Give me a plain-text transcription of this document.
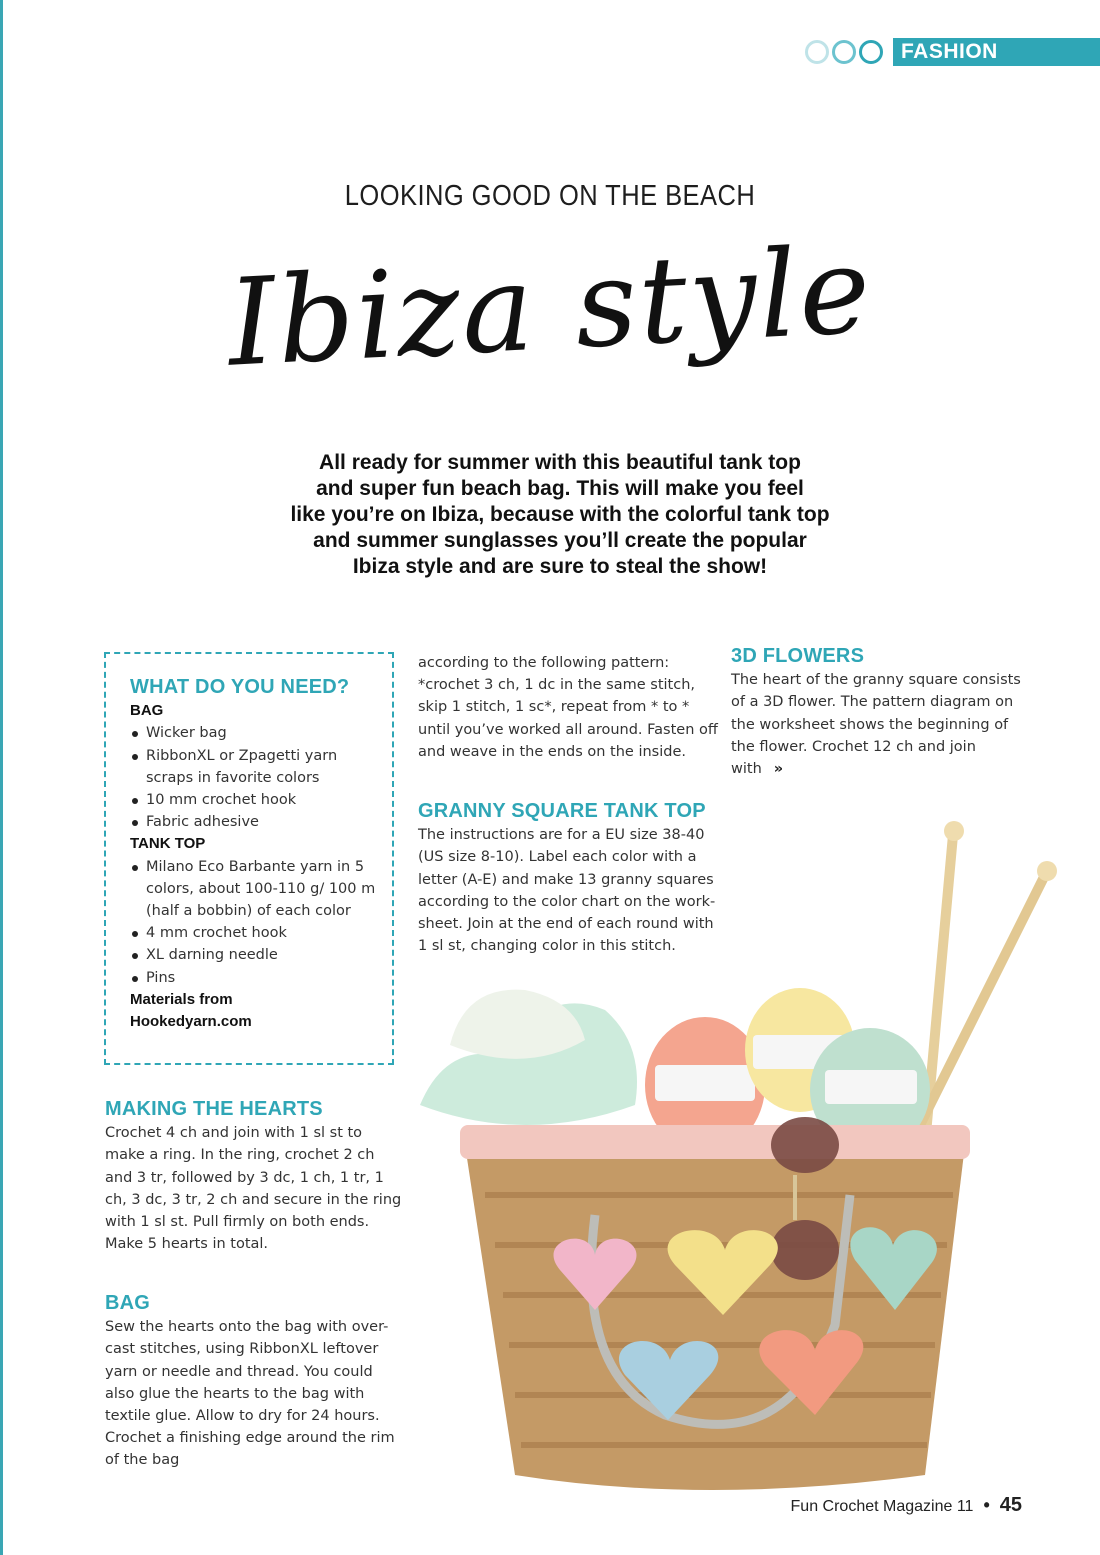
FASHION
LOOKING GOOD ON THE BEACH
Ibiza style
All ready for summer with this beautiful tank top
and super fun beach bag. This will make you feel
like you’re on Ibiza, because with the colorful tank top
and summer sunglasses you’ll create the popular
Ibiza style and are sure to steal the show!
WHAT DO YOU NEED?
BAG
Wicker bag
RibbonXL or Zpagetti yarn scraps in favorite colors
10 mm crochet hook
Fabric adhesive
TANK TOP
Milano Eco Barbante yarn in 5 colors, about 100-110 g/ 100 m (half a bobbin) of each color
4 mm crochet hook
XL darning needle
Pins
Materials from
Hookedyarn.com
MAKING THE HEARTS
Crochet 4 ch and join with 1 sl st to make a ring. In the ring, crochet 2 ch and 3 tr, followed by 3 dc, 1 ch, 1 tr, 1 ch, 3 dc, 3 tr, 2 ch and secure in the ring with 1 sl st. Pull firmly on both ends. Make 5 hearts in total.
BAG
Sew the hearts onto the bag with over-cast stitches, using RibbonXL leftover yarn or needle and thread. You could also glue the hearts to the bag with textile glue. Allow to dry for 24 hours. Crochet a finishing edge around the rim of the bag
according to the following pattern: *crochet 3 ch, 1 dc in the same stitch, skip 1 stitch, 1 sc*, repeat from * to * until you’ve worked all around. Fasten off and weave in the ends on the inside.
GRANNY SQUARE TANK TOP
The instructions are for a EU size 38-40 (US size 8-10). Label each color with a letter (A-E) and make 13 granny squares according to the color chart on the work-sheet. Join at the end of each round with 1 sl st, changing color in this stitch.
3D FLOWERS
The heart of the granny square consists of a 3D flower. The pattern diagram on the worksheet shows the beginning of the flower. Crochet 12 ch and join with »
Fun Crochet Magazine 11 • 45
